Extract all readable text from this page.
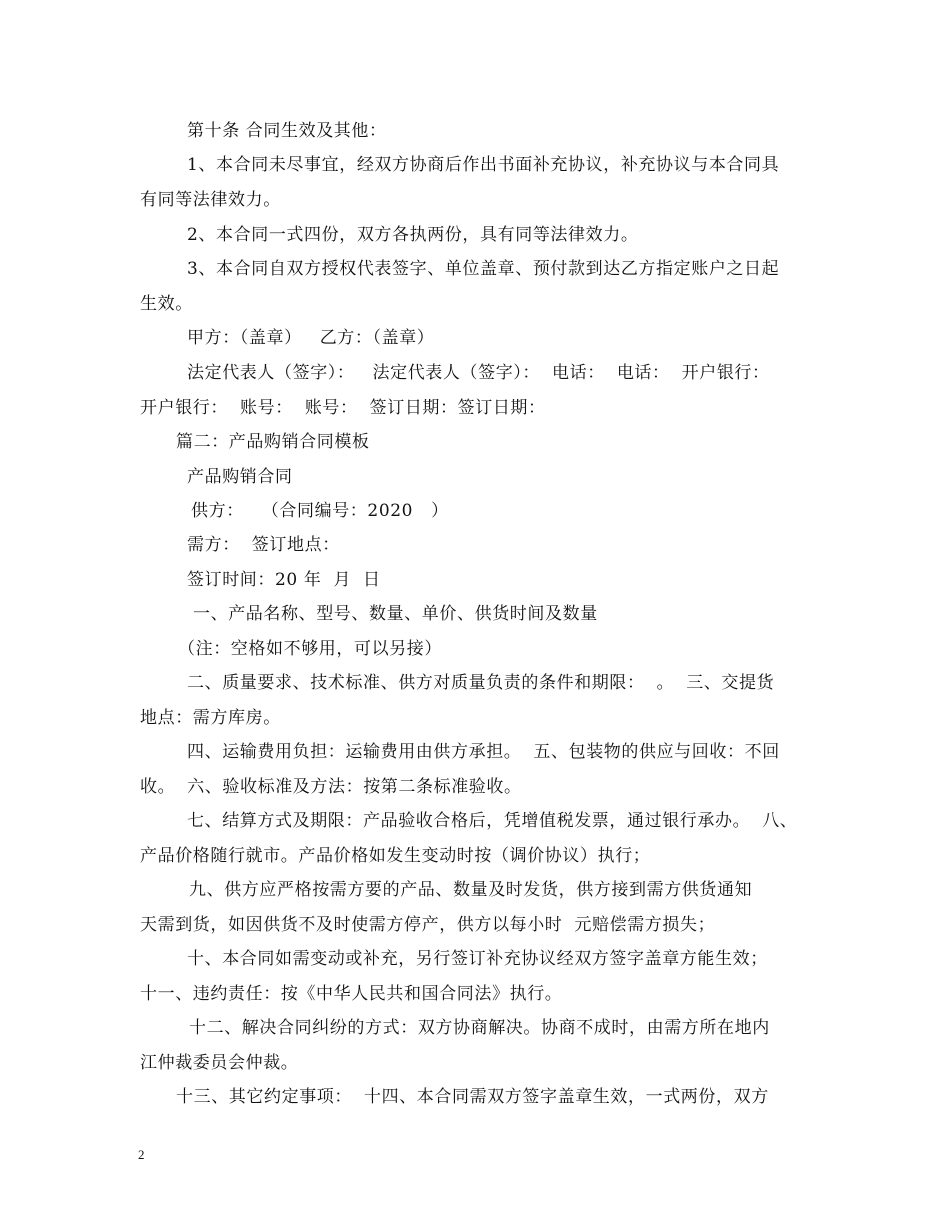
第十条 合同生效及其他：
1、本合同未尽事宜，经双方协商后作出书面补充协议，补充协议与本合同具
有同等法律效力。
2、本合同一式四份，双方各执两份，具有同等法律效力。
3、本合同自双方授权代表签字、单位盖章、预付款到达乙方指定账户之日起
生效。
甲方：（盖章）   乙方：（盖章）
法定代表人（签字）：   法定代表人（签字）：  电话：  电话：  开户银行：
开户银行：  账号：  账号：  签订日期：签订日期：
篇二：产品购销合同模板
产品购销合同
供方：   （合同编号：2020   ）
需方：  签订地点：
签订时间：20 年  月  日
一、产品名称、型号、数量、单价、供货时间及数量
（注：空格如不够用，可以另接）
二、质量要求、技术标准、供方对质量负责的条件和期限：  。  三、交提货
地点：需方库房。
四、运输费用负担：运输费用由供方承担。  五、包装物的供应与回收：不回
收。  六、验收标准及方法：按第二条标准验收。
七、结算方式及期限：产品验收合格后，凭增值税发票，通过银行承办。  八、
产品价格随行就市。产品价格如发生变动时按（调价协议）执行；
九、供方应严格按需方要的产品、数量及时发货，供方接到需方供货通知
天需到货，如因供货不及时使需方停产，供方以每小时  元赔偿需方损失；
十、本合同如需变动或补充，另行签订补充协议经双方签字盖章方能生效；
十一、违约责任：按《中华人民共和国合同法》执行。
十二、解决合同纠纷的方式：双方协商解决。协商不成时，由需方所在地内
江仲裁委员会仲裁。
十三、其它约定事项：  十四、本合同需双方签字盖章生效，一式两份，双方
2
